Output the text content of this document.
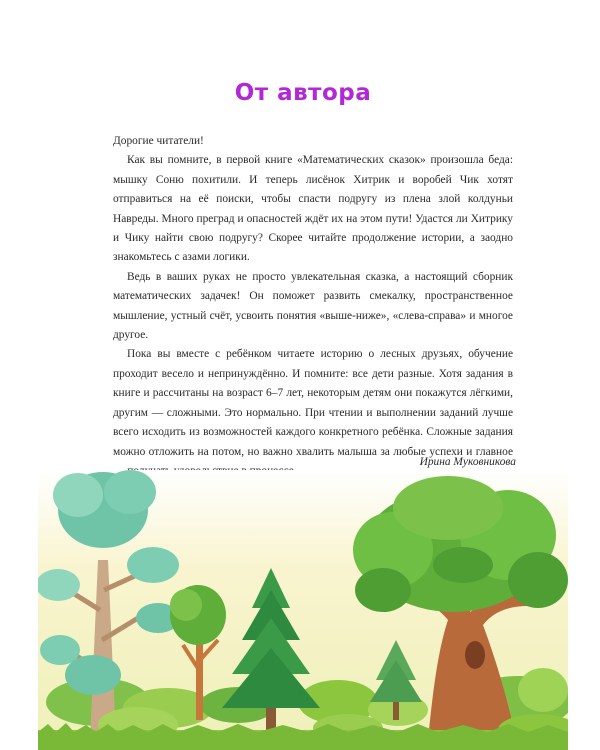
От автора

Дорогие читатели!

Как вы помните, в первой книге «Математических сказок» произошла беда: мышку Соню похитили. И теперь лисёнок Хитрик и воробей Чик хотят отправиться на её поиски, чтобы спасти подругу из плена злой колдуньи Навреды. Много преград и опасностей ждёт их на этом пути! Удастся ли Хитрику и Чику найти свою подругу? Скорее читайте продолжение истории, а заодно знакомьтесь с азами логики.

Ведь в ваших руках не просто увлекательная сказка, а настоящий сборник математических задачек! Он поможет развить смекалку, пространственное мышление, устный счёт, усвоить понятия «выше-ниже», «слева-справа» и многое другое.

Пока вы вместе с ребёнком читаете историю о лесных друзьях, обучение проходит весело и непринуждённо. И помните: все дети разные. Хотя задания в книге и рассчитаны на возраст 6–7 лет, некоторым детям они покажутся лёгкими, другим — сложными. Это нормально. При чтении и выполнении заданий лучше всего исходить из возможностей каждого конкретного ребёнка. Сложные задания можно отложить на потом, но важно хвалить малыша за любые успехи и главное

Ирина Муковникова
